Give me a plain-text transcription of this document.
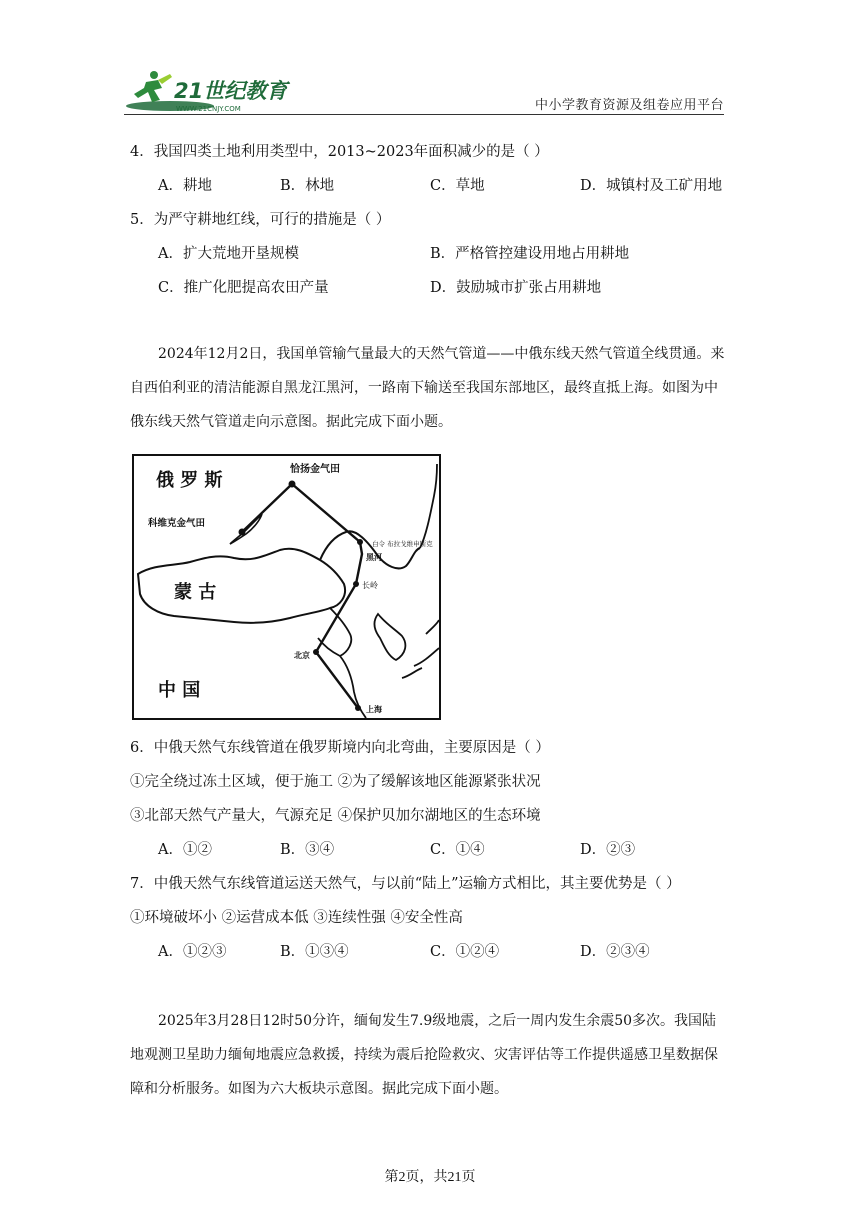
21世纪教育
WWW.21CNJY.COM	中小学教育资源及组卷应用平台
4．我国四类土地利用类型中，2013~2023年面积减少的是（ ）
A．耕地	B．林地	C．草地	D．城镇村及工矿用地
5．为严守耕地红线，可行的措施是（ ）
A．扩大荒地开垦规模	B．严格管控建设用地占用耕地
C．推广化肥提高农田产量	D．鼓励城市扩张占用耕地
2024年12月2日，我国单管输气量最大的天然气管道——中俄东线天然气管道全线贯通。来自西伯利亚的清洁能源自黑龙江黑河，一路南下输送至我国东部地区，最终直抵上海。如图为中俄东线天然气管道走向示意图。据此完成下面小题。
俄 罗 斯
蒙 古
中 国
恰扬金气田
科维克金气田
白令 布拉戈维申斯克
黑河
长岭
北京
上海
6．中俄天然气东线管道在俄罗斯境内向北弯曲，主要原因是（ ）
①完全绕过冻土区域，便于施工 ②为了缓解该地区能源紧张状况
③北部天然气产量大，气源充足 ④保护贝加尔湖地区的生态环境
A．①②	B．③④	C．①④	D．②③
7．中俄天然气东线管道运送天然气，与以前“陆上”运输方式相比，其主要优势是（ ）
①环境破坏小 ②运营成本低 ③连续性强 ④安全性高
A．①②③	B．①③④	C．①②④	D．②③④
2025年3月28日12时50分许，缅甸发生7.9级地震，之后一周内发生余震50多次。我国陆地观测卫星助力缅甸地震应急救援，持续为震后抢险救灾、灾害评估等工作提供遥感卫星数据保障和分析服务。如图为六大板块示意图。据此完成下面小题。
第2页，共21页
